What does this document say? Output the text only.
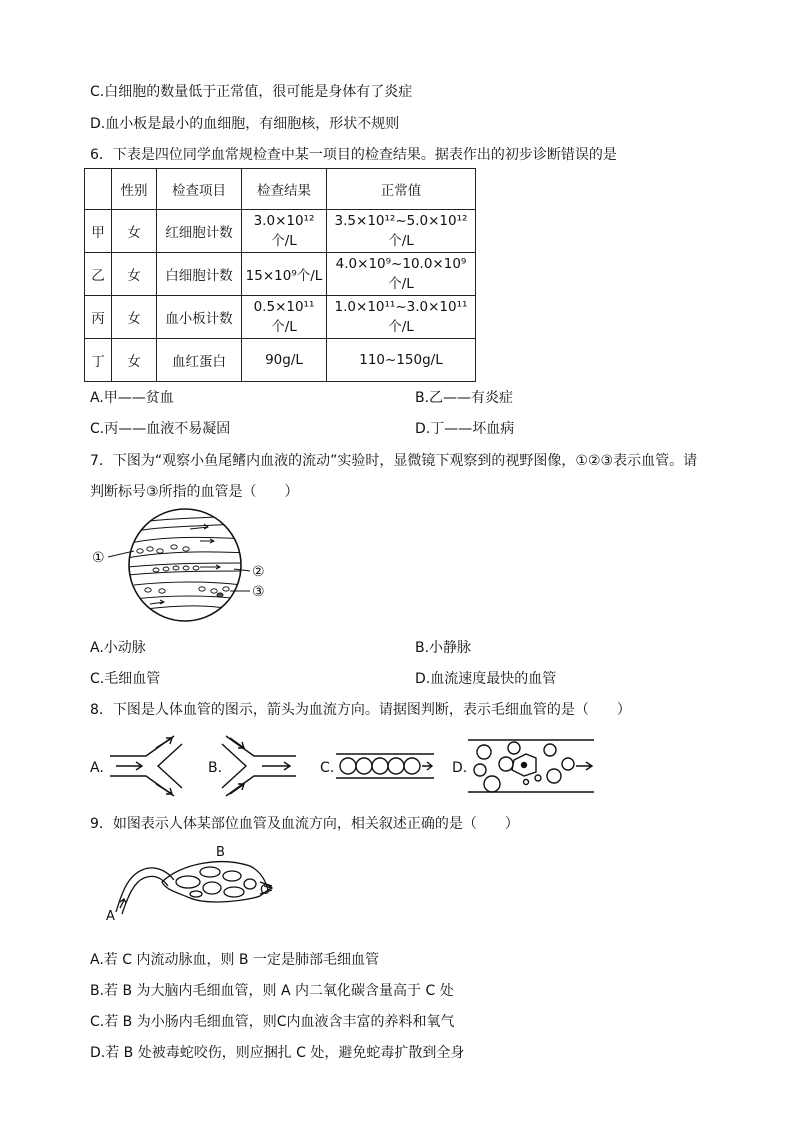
C.白细胞的数量低于正常值，很可能是身体有了炎症
D.血小板是最小的血细胞，有细胞核，形状不规则
6．下表是四位同学血常规检查中某一项目的检查结果。据表作出的初步诊断错误的是
	性别	检查项目	检查结果	正常值
甲	女	红细胞计数	3.0×10¹²个/L	3.5×10¹²~5.0×10¹²个/L
乙	女	白细胞计数	15×10⁹个/L	4.0×10⁹~10.0×10⁹个/L
丙	女	血小板计数	0.5×10¹¹个/L	1.0×10¹¹~3.0×10¹¹个/L
丁	女	血红蛋白	90g/L	110~150g/L
A.甲——贫血	B.乙——有炎症
C.丙——血液不易凝固	D.丁——坏血病
7．下图为“观察小鱼尾鳍内血液的流动”实验时，显微镜下观察到的视野图像，①②③表示血管。请
判断标号③所指的血管是（　　）
①
②
③
A.小动脉	B.小静脉
C.毛细血管	D.血流速度最快的血管
8．下图是人体血管的图示，箭头为血流方向。请据图判断，表示毛细血管的是（　　）
A.	B.	C.	D.
9．如图表示人体某部位血管及血流方向，相关叙述正确的是（　　）
A
B
C
A.若 C 内流动脉血，则 B 一定是肺部毛细血管
B.若 B 为大脑内毛细血管，则 A 内二氧化碳含量高于 C 处
C.若 B 为小肠内毛细血管，则C内血液含丰富的养料和氧气
D.若 B 处被毒蛇咬伤，则应捆扎 C 处，避免蛇毒扩散到全身
